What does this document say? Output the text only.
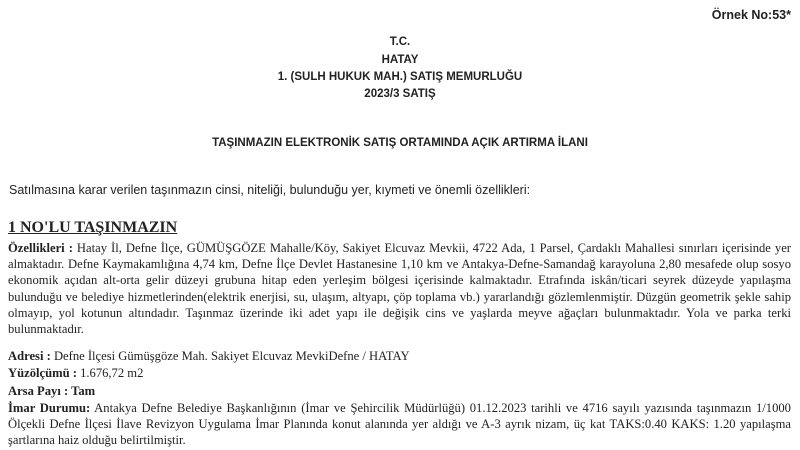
Örnek No:53*
T.C.
HATAY
1. (SULH HUKUK MAH.) SATIŞ MEMURLUĞU
2023/3 SATIŞ
TAŞINMAZIN ELEKTRONİK SATIŞ ORTAMINDA AÇIK ARTIRMA İLANI
Satılmasına karar verilen taşınmazın cinsi, niteliği, bulunduğu yer, kıymeti ve önemli özellikleri:
1 NO'LU TAŞINMAZIN
Özellikleri : Hatay İl, Defne İlçe, GÜMÜŞGÖZE Mahalle/Köy, Sakiyet Elcuvaz Mevkii, 4722 Ada, 1 Parsel, Çardaklı Mahallesi sınırları içerisinde yer almaktadır. Defne Kaymakamlığına 4,74 km, Defne İlçe Devlet Hastanesine 1,10 km ve Antakya-Defne-Samandağ karayoluna 2,80 mesafede olup sosyo ekonomik açıdan alt-orta gelir düzeyi grubuna hitap eden yerleşim bölgesi içerisinde kalmaktadır. Etrafında iskân/ticari seyrek düzeyde yapılaşma bulunduğu ve belediye hizmetlerinden(elektrik enerjisi, su, ulaşım, altyapı, çöp toplama vb.) yararlandığı gözlemlenmiştir. Düzgün geometrik şekle sahip olmayıp, yol kotunun altındadır. Taşınmaz üzerinde iki adet yapı ile değişik cins ve yaşlarda meyve ağaçları bulunmaktadır. Yola ve parka terki bulunmaktadır.
Adresi : Defne İlçesi Gümüşgöze Mah. Sakiyet Elcuvaz MevkiDefne / HATAY
Yüzölçümü : 1.676,72 m2
Arsa Payı : Tam
İmar Durumu: Antakya Defne Belediye Başkanlığının (İmar ve Şehircilik Müdürlüğü) 01.12.2023 tarihli ve 4716 sayılı yazısında taşınmazın 1/1000 Ölçekli Defne İlçesi İlave Revizyon Uygulama İmar Planında konut alanında yer aldığı ve A-3 ayrık nizam, üç kat TAKS:0.40 KAKS: 1.20 yapılaşma şartlarına haiz olduğu belirtilmiştir.
